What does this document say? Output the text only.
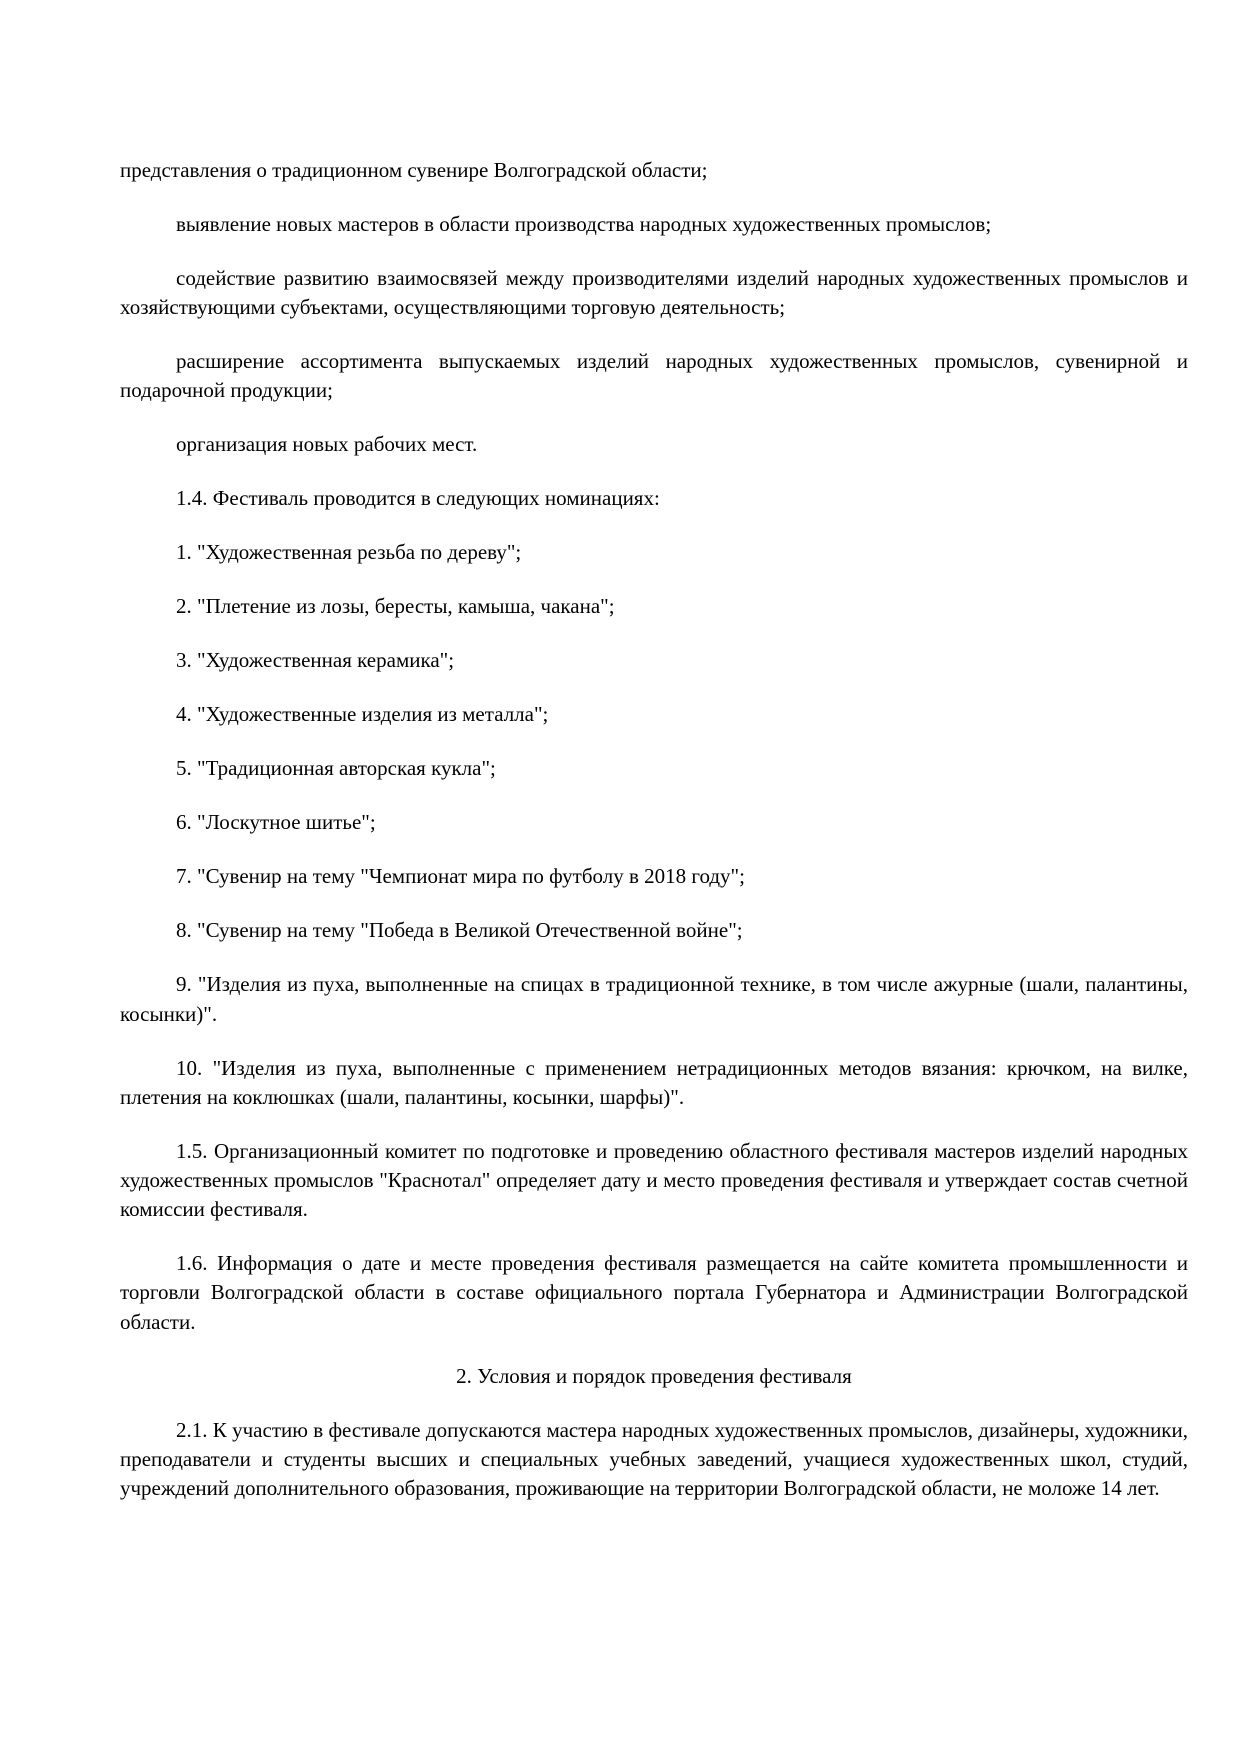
представления о традиционном сувенире Волгоградской области;

выявление новых мастеров в области производства народных художественных промыслов;

содействие развитию взаимосвязей между производителями изделий народных художественных промыслов и хозяйствующими субъектами, осуществляющими торговую деятельность;

расширение ассортимента выпускаемых изделий народных художественных промыслов, сувенирной и подарочной продукции;

организация новых рабочих мест.

1.4. Фестиваль проводится в следующих номинациях:

1. "Художественная резьба по дереву";

2. "Плетение из лозы, бересты, камыша, чакана";

3. "Художественная керамика";

4. "Художественные изделия из металла";

5. "Традиционная авторская кукла";

6. "Лоскутное шитье";

7. "Сувенир на тему "Чемпионат мира по футболу в 2018 году";

8. "Сувенир на тему "Победа в Великой Отечественной войне";

9. "Изделия из пуха, выполненные на спицах в традиционной технике, в том числе ажурные (шали, палантины, косынки)".

10. "Изделия из пуха, выполненные с применением нетрадиционных методов вязания: крючком, на вилке, плетения на коклюшках (шали, палантины, косынки, шарфы)".

1.5. Организационный комитет по подготовке и проведению областного фестиваля мастеров изделий народных художественных промыслов "Краснотал" определяет дату и место проведения фестиваля и утверждает состав счетной комиссии фестиваля.

1.6. Информация о дате и месте проведения фестиваля размещается на сайте комитета промышленности и торговли Волгоградской области в составе официального портала Губернатора и Администрации Волгоградской области.

2. Условия и порядок проведения фестиваля

2.1. К участию в фестивале допускаются мастера народных художественных промыслов, дизайнеры, художники, преподаватели и студенты высших и специальных учебных заведений, учащиеся художественных школ, студий, учреждений дополнительного образования, проживающие на территории Волгоградской области, не моложе 14 лет.
